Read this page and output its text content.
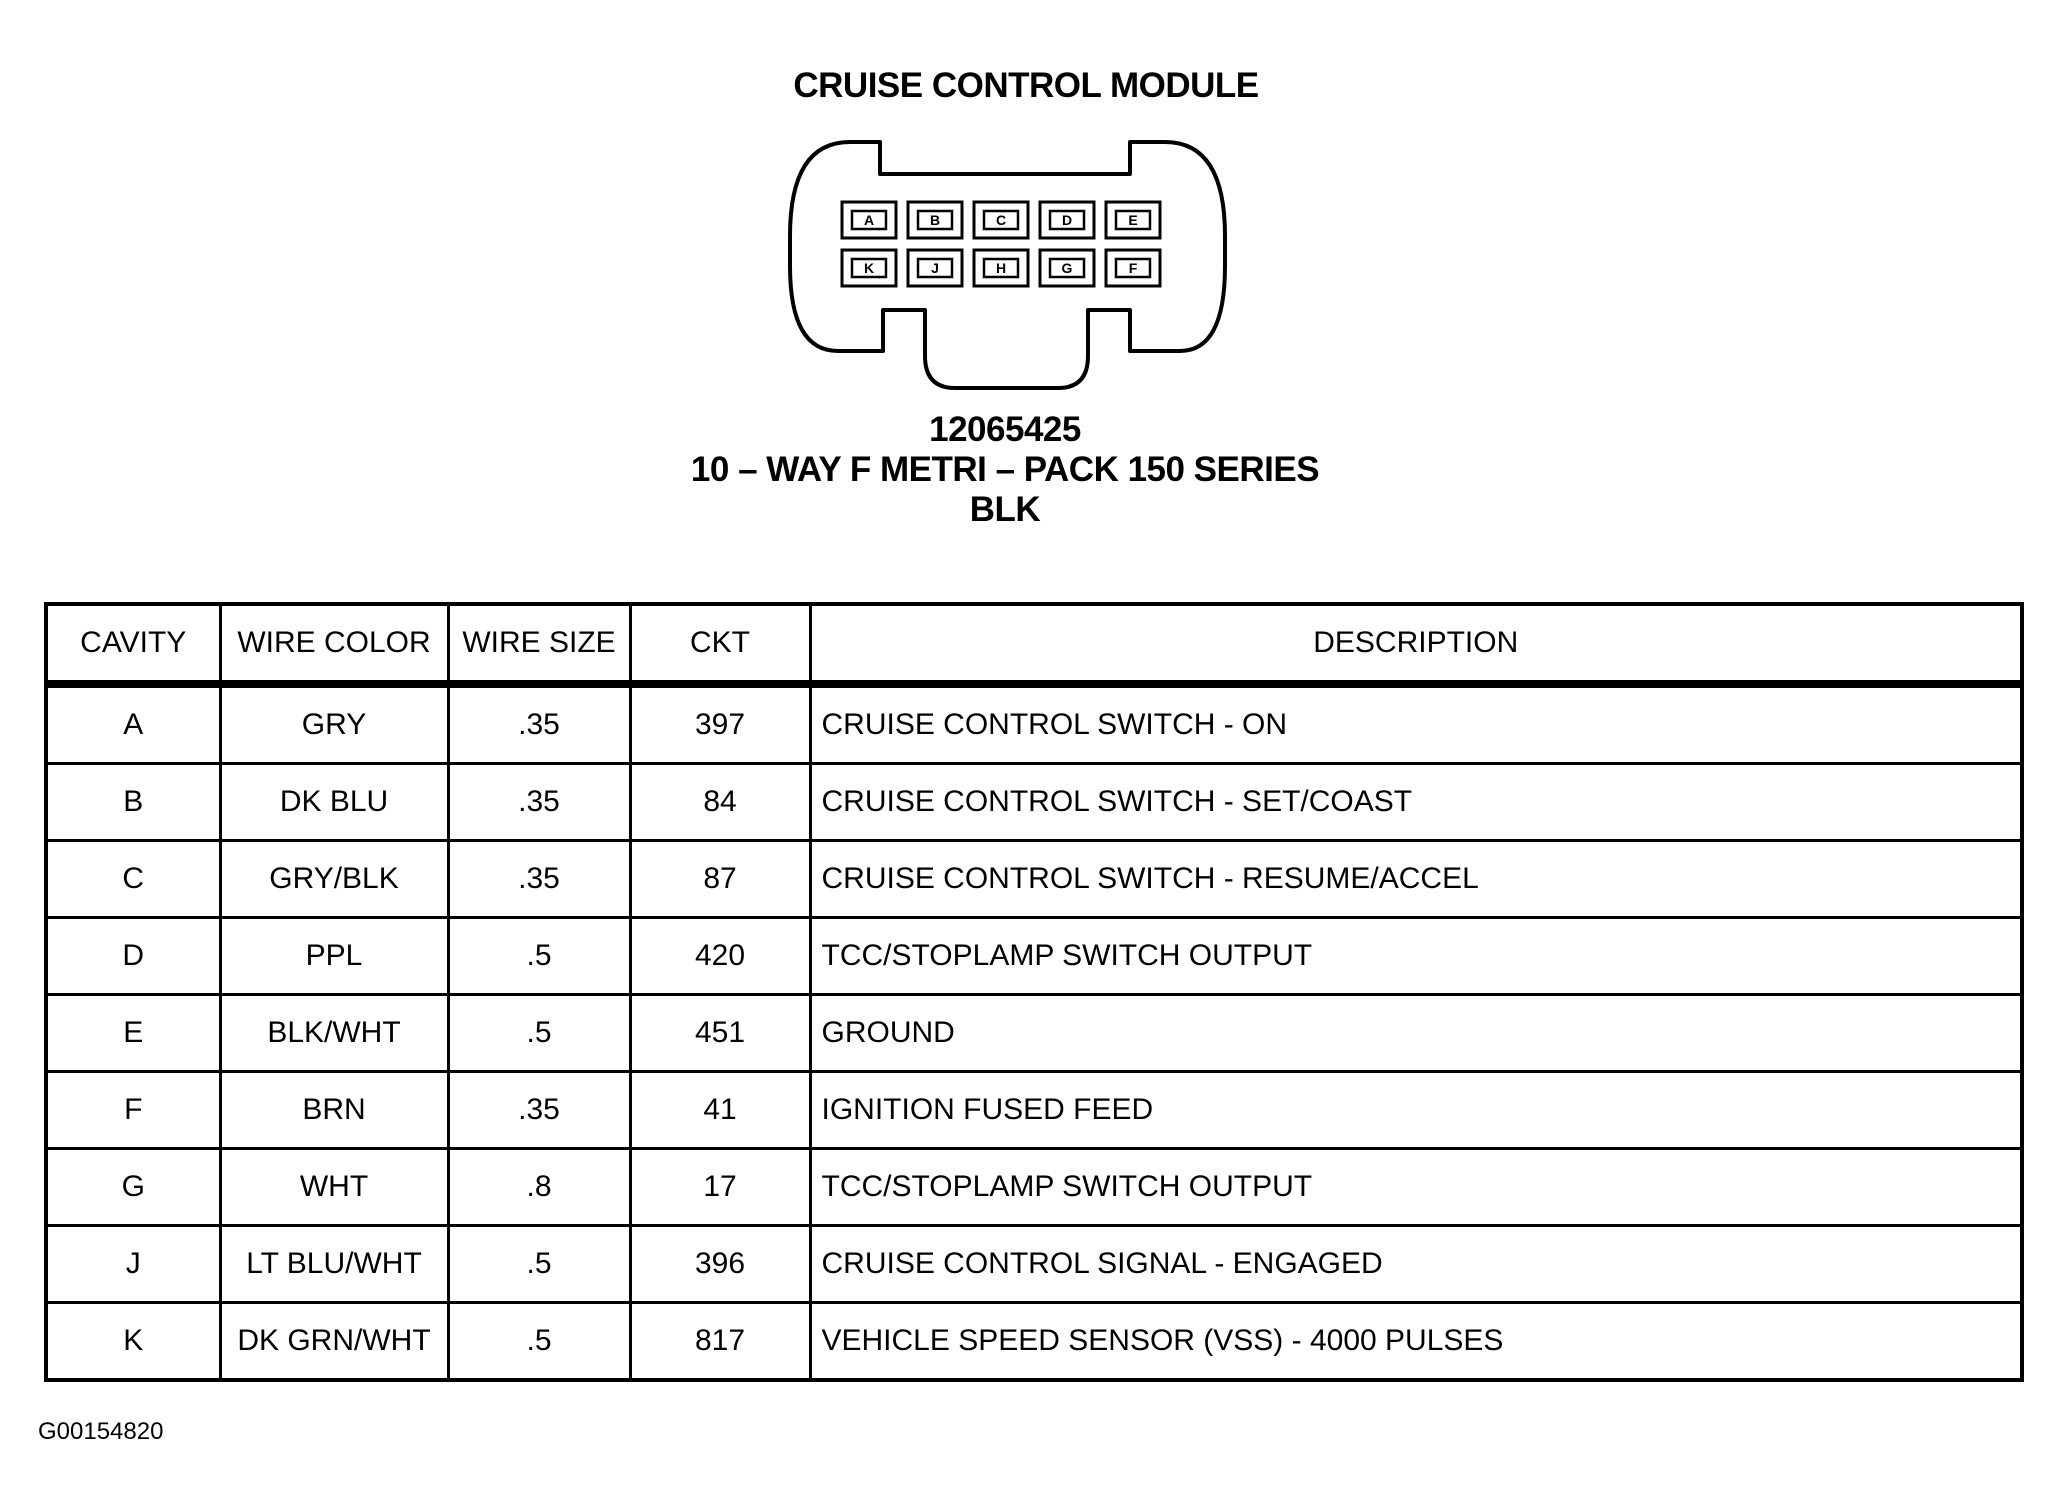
CRUISE CONTROL MODULE
A	B	C	D	E
K	J	H	G	F
12065425
10 – WAY F METRI – PACK 150 SERIES
BLK
CAVITY	WIRE COLOR	WIRE SIZE	CKT	DESCRIPTION
A	GRY	.35	397	CRUISE CONTROL SWITCH - ON
B	DK BLU	.35	84	CRUISE CONTROL SWITCH - SET/COAST
C	GRY/BLK	.35	87	CRUISE CONTROL SWITCH - RESUME/ACCEL
D	PPL	.5	420	TCC/STOPLAMP SWITCH OUTPUT
E	BLK/WHT	.5	451	GROUND
F	BRN	.35	41	IGNITION FUSED FEED
G	WHT	.8	17	TCC/STOPLAMP SWITCH OUTPUT
J	LT BLU/WHT	.5	396	CRUISE CONTROL SIGNAL - ENGAGED
K	DK GRN/WHT	.5	817	VEHICLE SPEED SENSOR (VSS) - 4000 PULSES
G00154820
